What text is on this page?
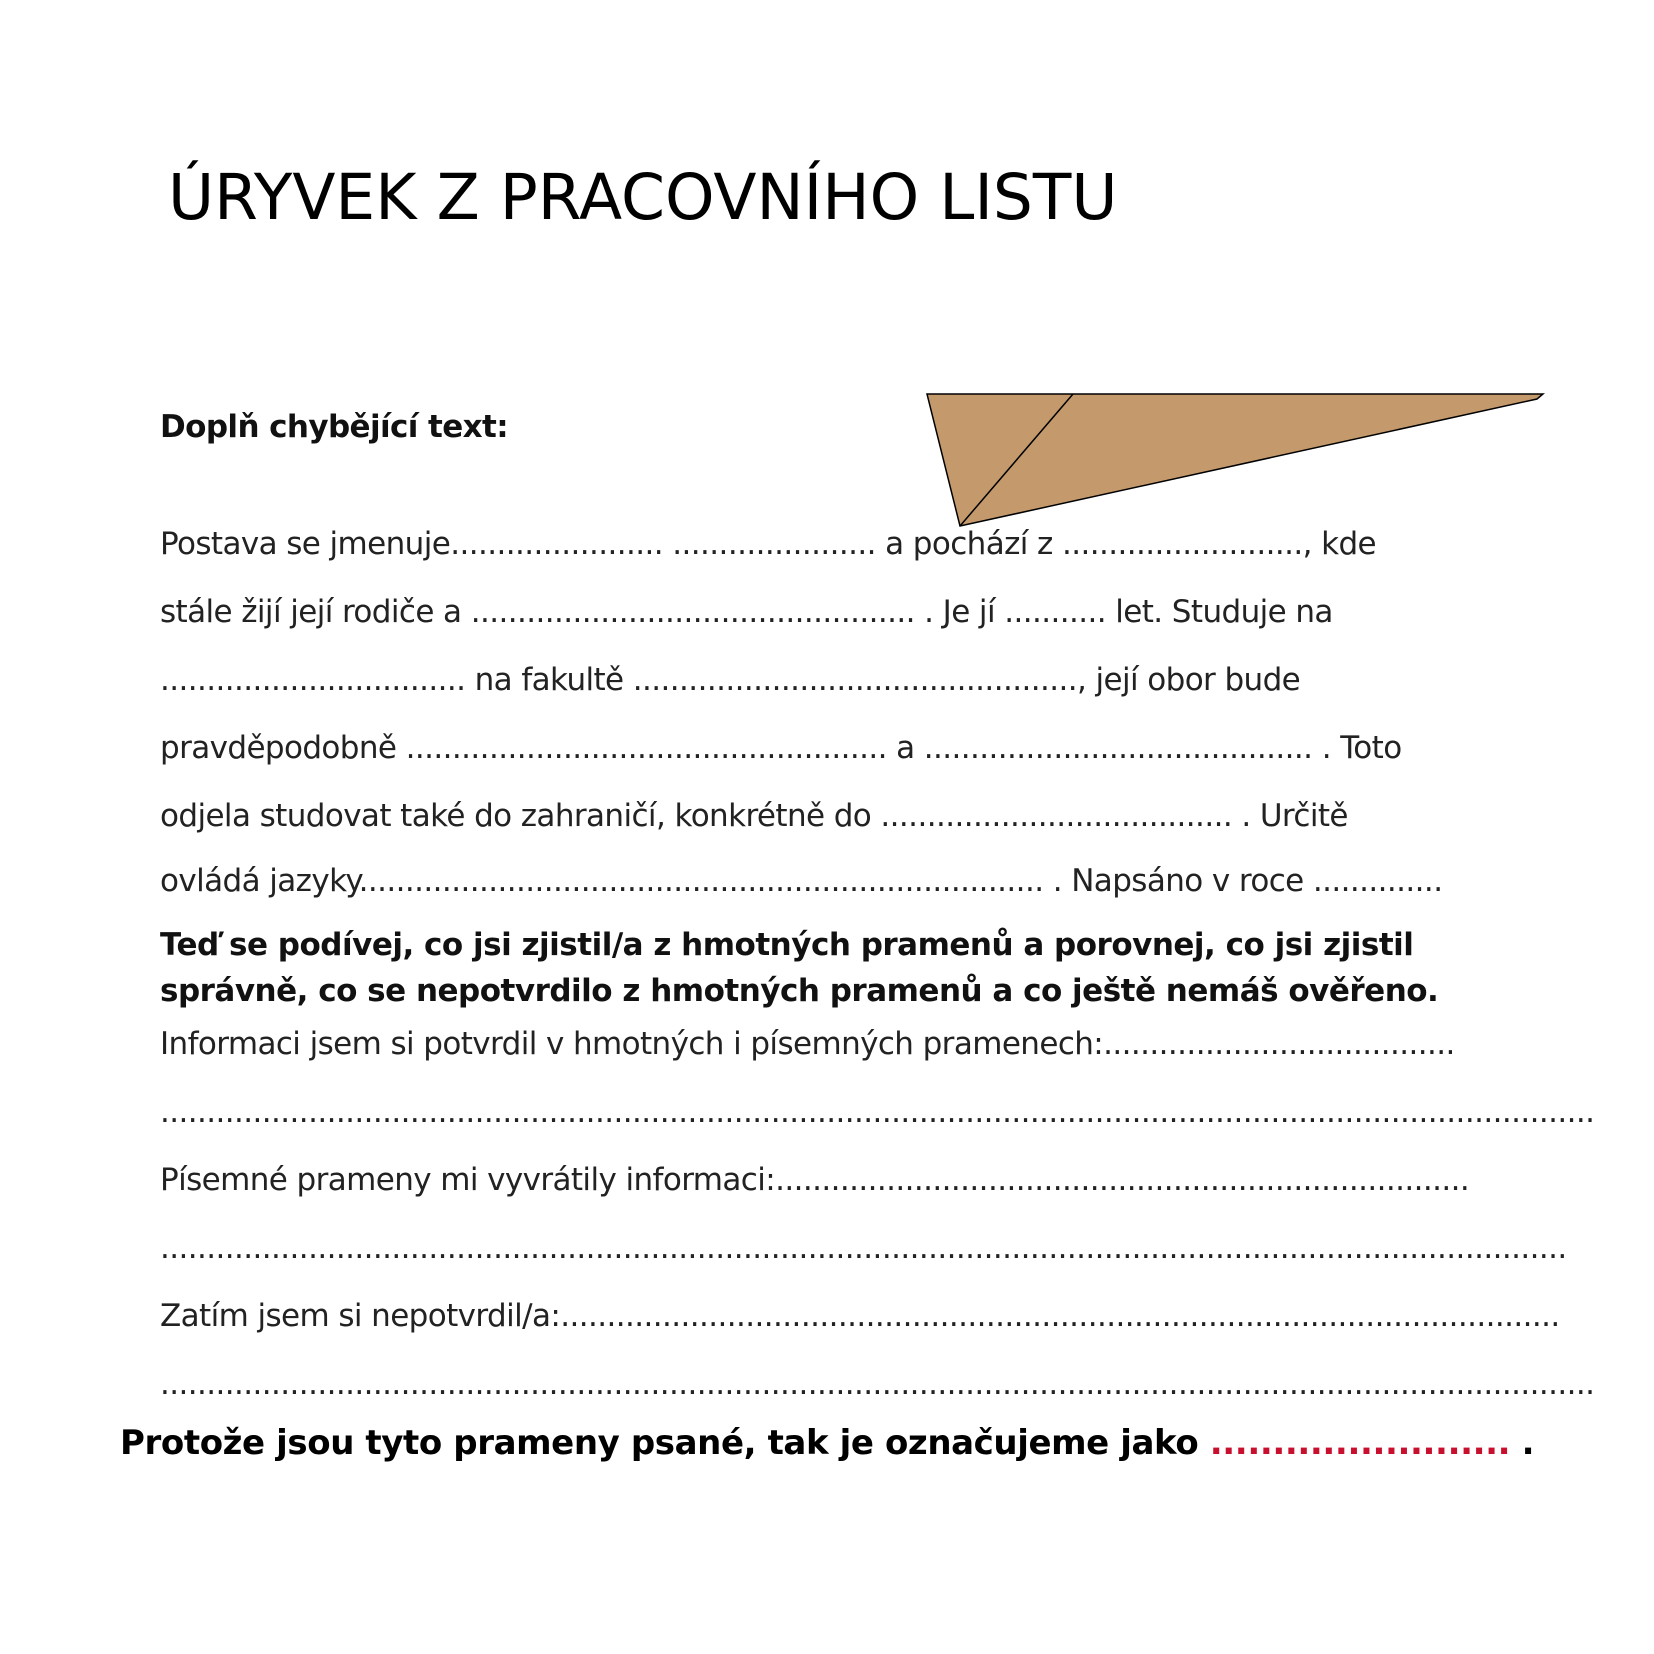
ÚRYVEK Z PRACOVNÍHO LISTU

Doplň chybějící text:

Postava se jmenuje....................... ...................... a pochází z .........................., kde

stále žijí její rodiče a ................................................ . Je jí ........... let. Studuje na

................................. na fakultě ................................................, její obor bude

pravděpodobně .................................................... a .......................................... . Toto

odjela studovat také do zahraničí, konkrétně do ...................................... . Určitě

ovládá jazyky.......................................................................... . Napsáno v roce ..............

Teď se podívej, co jsi zjistil/a z hmotných pramenů a porovnej, co jsi zjistil

správně, co se nepotvrdilo z hmotných pramenů a co ještě nemáš ověřeno.

Informaci jsem si potvrdil v hmotných i písemných pramenech:......................................

...........................................................................................................................................................

Písemné prameny mi vyvrátily informaci:...........................................................................

........................................................................................................................................................

Zatím jsem si nepotvrdil/a:............................................................................................................

...........................................................................................................................................................

Protože jsou tyto prameny psané, tak je označujeme jako ........................ .
